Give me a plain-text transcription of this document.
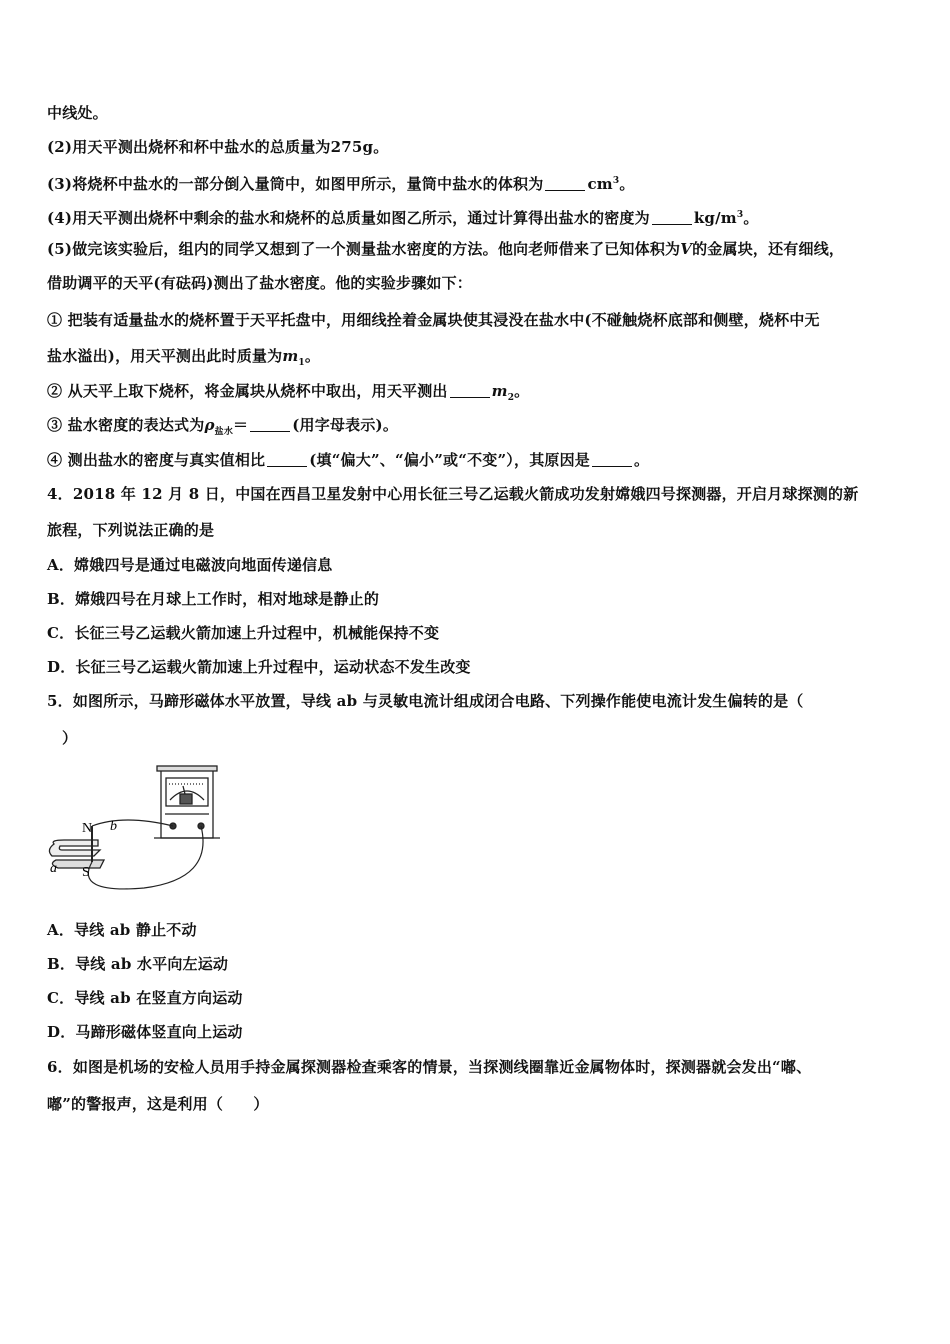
中线处。
(2)用天平测出烧杯和杯中盐水的总质量为275g。
(3)将烧杯中盐水的一部分倒入量筒中，如图甲所示，量筒中盐水的体积为	$cm^3$。
(4)用天平测出烧杯中剩余的盐水和烧杯的总质量如图乙所示，通过计算得出盐水的密度为	$kg/m^3$。
(5)做完该实验后，组内的同学又想到了一个测量盐水密度的方法。他向老师借来了已知体积为V的金属块，还有细线，
借助调平的天平(有砝码)测出了盐水密度。他的实验步骤如下：
① 把装有适量盐水的烧杯置于天平托盘中，用细线拴着金属块使其浸没在盐水中(不碰触烧杯底部和侧壁，烧杯中无
盐水溢出)，用天平测出此时质量为$m_1$。
② 从天平上取下烧杯，将金属块从烧杯中取出，用天平测出	$m_2$。
③ 盐水密度的表达式为$\rho_{盐水}=$	(用字母表示)。
④ 测出盐水的密度与真实值相比	(填“偏大”、“偏小”或“不变”），其原因是	。
4．2018 年 12 月 8 日，中国在西昌卫星发射中心用长征三号乙运载火箭成功发射嫦娥四号探测器，开启月球探测的新
旅程，下列说法正确的是
A．嫦娥四号是通过电磁波向地面传递信息
B．嫦娥四号在月球上工作时，相对地球是静止的
C．长征三号乙运载火箭加速上升过程中，机械能保持不变
D．长征三号乙运载火箭加速上升过程中，运动状态不发生改变
5．如图所示，马蹄形磁体水平放置，导线 ab 与灵敏电流计组成闭合电路、下列操作能使电流计发生偏转的是（
）
N b
a S
A．导线 ab 静止不动
B．导线 ab 水平向左运动
C．导线 ab 在竖直方向运动
D．马蹄形磁体竖直向上运动
6．如图是机场的安检人员用手持金属探测器检查乘客的情景，当探测线圈靠近金属物体时，探测器就会发出“嘟、
嘟”的警报声，这是利用（　　）
